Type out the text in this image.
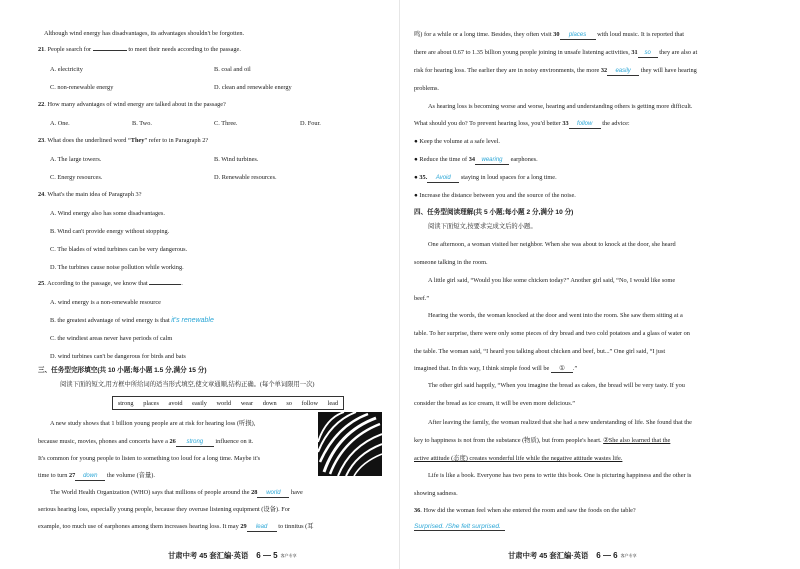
Although wind energy has disadvantages, its advantages shouldn't be forgotten.
21. People search for	to meet their needs according to the passage.
A. electricity	B. coal and oil
C. non-renewable energy	D. clean and renewable energy
22. How many advantages of wind energy are talked about in the passage?
A. One.	B. Two.	C. Three.	D. Four.
23. What does the underlined word “They” refer to in Paragraph 2?
A. The large towers.	B. Wind turbines.
C. Energy resources.	D. Renewable resources.
24. What's the main idea of Paragraph 3?
A. Wind energy also has some disadvantages.
B. Wind can't provide energy without stopping.
C. The blades of wind turbines can be very dangerous.
D. The turbines cause noise pollution while working.
25. According to the passage, we know that	.
A. wind energy is a non-renewable resource
B. the greatest advantage of wind energy is that it's renewable
C. the windiest areas never have periods of calm
D. wind turbines can't be dangerous for birds and bats
三、任务型完形填空(共 10 小题;每小题 1.5 分,满分 15 分)
阅读下面的短文,用方框中所给词的适当形式填空,使文章通顺,结构正确。(每个单词限用一次)
strong	places	avoid	easily	world	wear	down	so	follow	lead
A new study shows that 1 billion young people are at risk for hearing loss (听损),
because music, movies, phones and concerts have a 26 strong influence on it.
It's common for young people to listen to something too loud for a long time. Maybe it's
time to turn 27 down the volume (音量).
The World Health Organization (WHO) says that millions of people around the 28 world have
serious hearing loss, especially young people, because they overuse listening equipment (设备). For
example, too much use of earphones among them increases hearing loss. It may 29 lead to tinnitus (耳
甘肃中考 45 套汇编·英语 6 — 5 客户专享
鸣) for a while or a long time. Besides, they often visit 30 places with loud music. It is reported that
there are about 0.67 to 1.35 billion young people joining in unsafe listening activities, 31 so they are also at
risk for hearing loss. The earlier they are in noisy environments, the more 32 easily they will have hearing
problems.
As hearing loss is becoming worse and worse, hearing and understanding others is getting more difficult.
What should you do? To prevent hearing loss, you'd better 33 follow the advice:
● Keep the volume at a safe level.
● Reduce the time of 34 wearing earphones.
● 35. Avoid staying in loud spaces for a long time.
● Increase the distance between you and the source of the noise.
四、任务型阅读理解(共 5 小题;每小题 2 分,满分 10 分)
阅读下面短文,按要求完成文后的小题。
One afternoon, a woman visited her neighbor. When she was about to knock at the door, she heard
someone talking in the room.
A little girl said, “Would you like some chicken today?” Another girl said, “No, I would like some
beef.”
Hearing the words, the woman knocked at the door and went into the room. She saw them sitting at a
table. To her surprise, there were only some pieces of dry bread and two cold potatoes and a glass of water on
the table. The woman said, “I heard you talking about chicken and beef, but...” One girl said, “I just
imagined that. In this way, I think simple food will be ① .”
The other girl said happily, “When you imagine the bread as cakes, the bread will be very tasty. If you
consider the bread as ice cream, it will be even more delicious.”
After leaving the family, the woman realized that she had a new understanding of life. She found that the
key to happiness is not from the substance (物质), but from people's heart. ②She also learned that the
active attitude (态度) creates wonderful life while the negative attitude wastes life.
Life is like a book. Everyone has two pens to write this book. One is picturing happiness and the other is
showing sadness.
36. How did the woman feel when she entered the room and saw the foods on the table?
Surprised. /She felt surprised.
甘肃中考 45 套汇编·英语 6 — 6 客户专享
